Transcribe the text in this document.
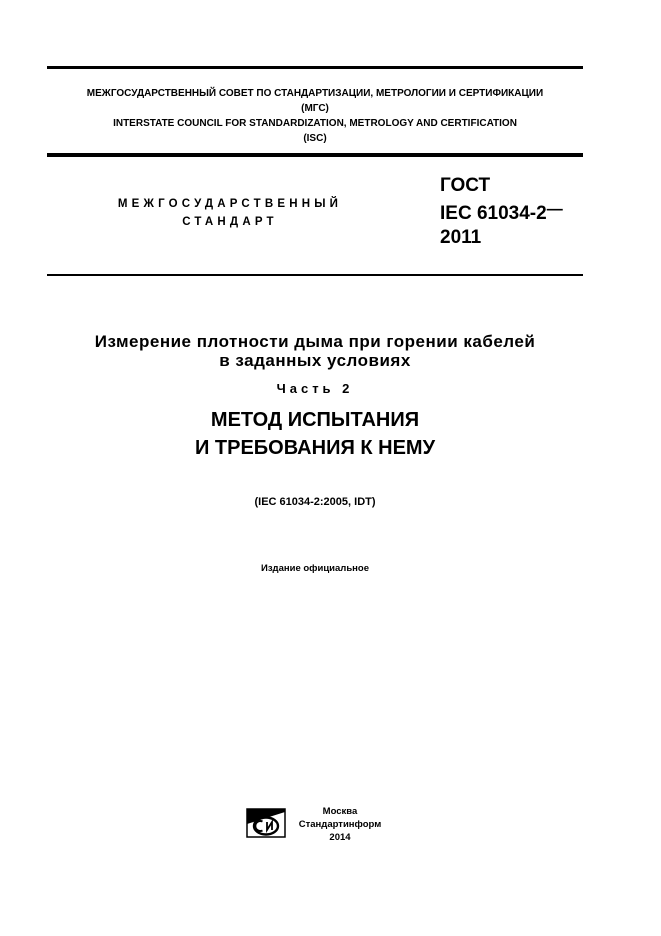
МЕЖГОСУДАРСТВЕННЫЙ СОВЕТ ПО СТАНДАРТИЗАЦИИ, МЕТРОЛОГИИ И СЕРТИФИКАЦИИ
(МГС)
INTERSTATE COUNCIL FOR STANDARDIZATION, METROLOGY AND CERTIFICATION
(ISC)
МЕЖГОСУДАРСТВЕННЫЙ
СТАНДАРТ
ГОСТ
IEC 61034-2—
2011
Измерение плотности дыма при горении кабелей
в заданных условиях
Часть 2
МЕТОД ИСПЫТАНИЯ
И ТРЕБОВАНИЯ К НЕМУ
(IEC 61034-2:2005, IDT)
Издание официальное
Москва
Стандартинформ
2014
